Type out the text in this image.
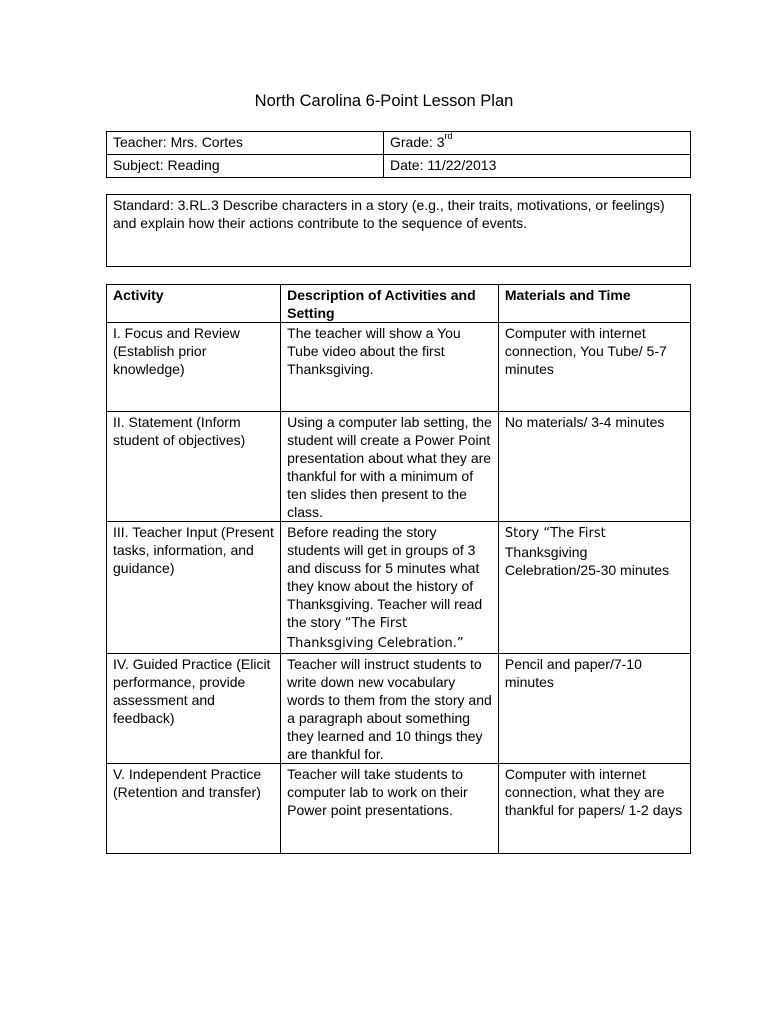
North Carolina 6-Point Lesson Plan
Teacher: Mrs. Cortes	Grade: 3rd
Subject: Reading	Date: 11/22/2013
Standard: 3.RL.3 Describe characters in a story (e.g., their traits, motivations, or feelings) and explain how their actions contribute to the sequence of events.
Activity	Description of Activities and Setting	Materials and Time
I. Focus and Review (Establish prior knowledge)	The teacher will show a You Tube video about the first Thanksgiving.	Computer with internet connection, You Tube/ 5-7 minutes
II. Statement (Inform student of objectives)	Using a computer lab setting, the student will create a Power Point presentation about what they are thankful for with a minimum of ten slides then present to the class.	No materials/ 3-4 minutes
III. Teacher Input (Present tasks, information, and guidance)	Before reading the story students will get in groups of 3 and discuss for 5 minutes what they know about the history of Thanksgiving. Teacher will read the story “The First Thanksgiving Celebration.”	Story “The First
Thanksgiving Celebration/25-30 minutes
IV. Guided Practice (Elicit performance, provide assessment and feedback)	Teacher will instruct students to write down new vocabulary words to them from the story and a paragraph about something they learned and 10 things they are thankful for.	Pencil and paper/7-10 minutes
V. Independent Practice (Retention and transfer)	Teacher will take students to computer lab to work on their Power point presentations.	Computer with internet connection, what they are thankful for papers/ 1-2 days
